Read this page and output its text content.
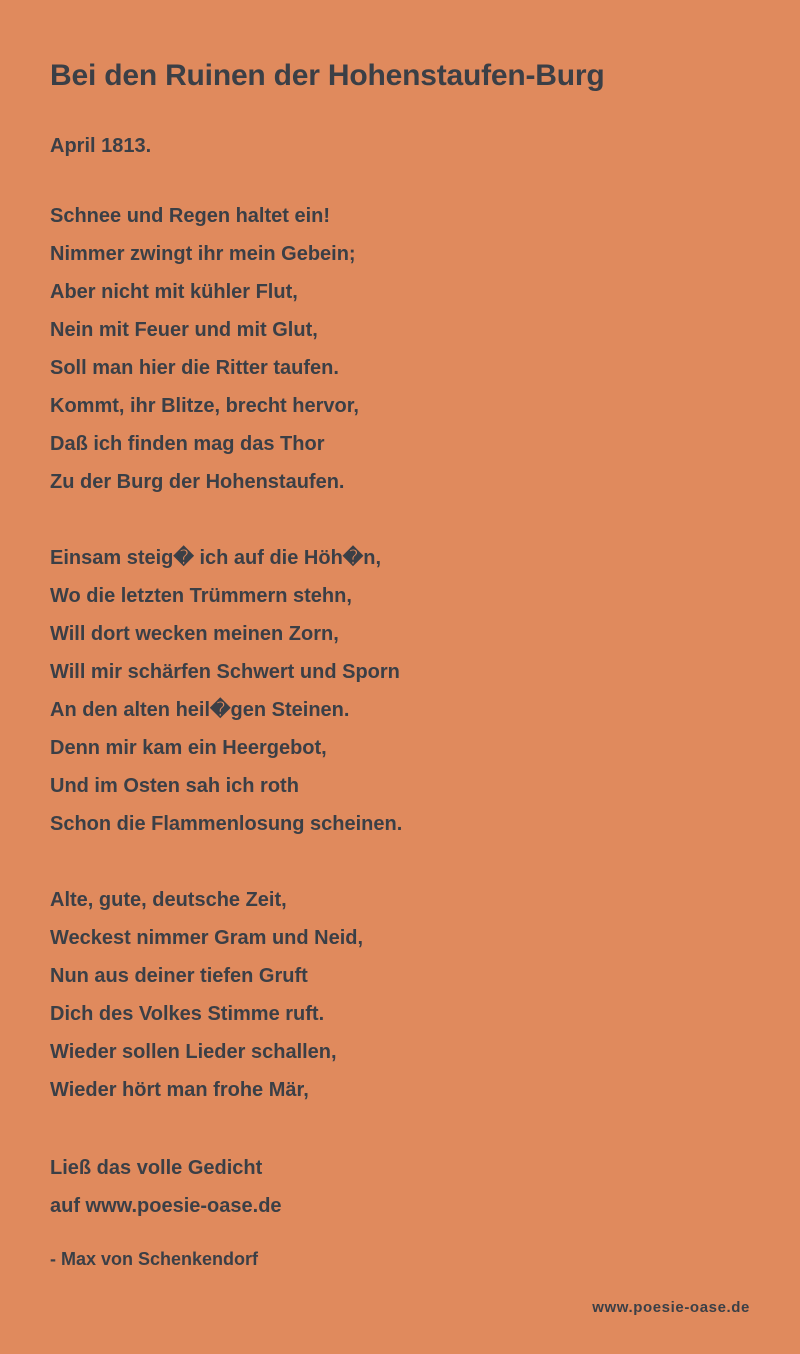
Bei den Ruinen der Hohenstaufen-Burg
April 1813.
Schnee und Regen haltet ein!
Nimmer zwingt ihr mein Gebein;
Aber nicht mit kühler Flut,
Nein mit Feuer und mit Glut,
Soll man hier die Ritter taufen.
Kommt, ihr Blitze, brecht hervor,
Daß ich finden mag das Thor
Zu der Burg der Hohenstaufen.
Einsam steig� ich auf die Höh�n,
Wo die letzten Trümmern stehn,
Will dort wecken meinen Zorn,
Will mir schärfen Schwert und Sporn
An den alten heil�gen Steinen.
Denn mir kam ein Heergebot,
Und im Osten sah ich roth
Schon die Flammenlosung scheinen.
Alte, gute, deutsche Zeit,
Weckest nimmer Gram und Neid,
Nun aus deiner tiefen Gruft
Dich des Volkes Stimme ruft.
Wieder sollen Lieder schallen,
Wieder hört man frohe Mär,
Ließ das volle Gedicht
auf www.poesie-oase.de
- Max von Schenkendorf
www.poesie-oase.de
